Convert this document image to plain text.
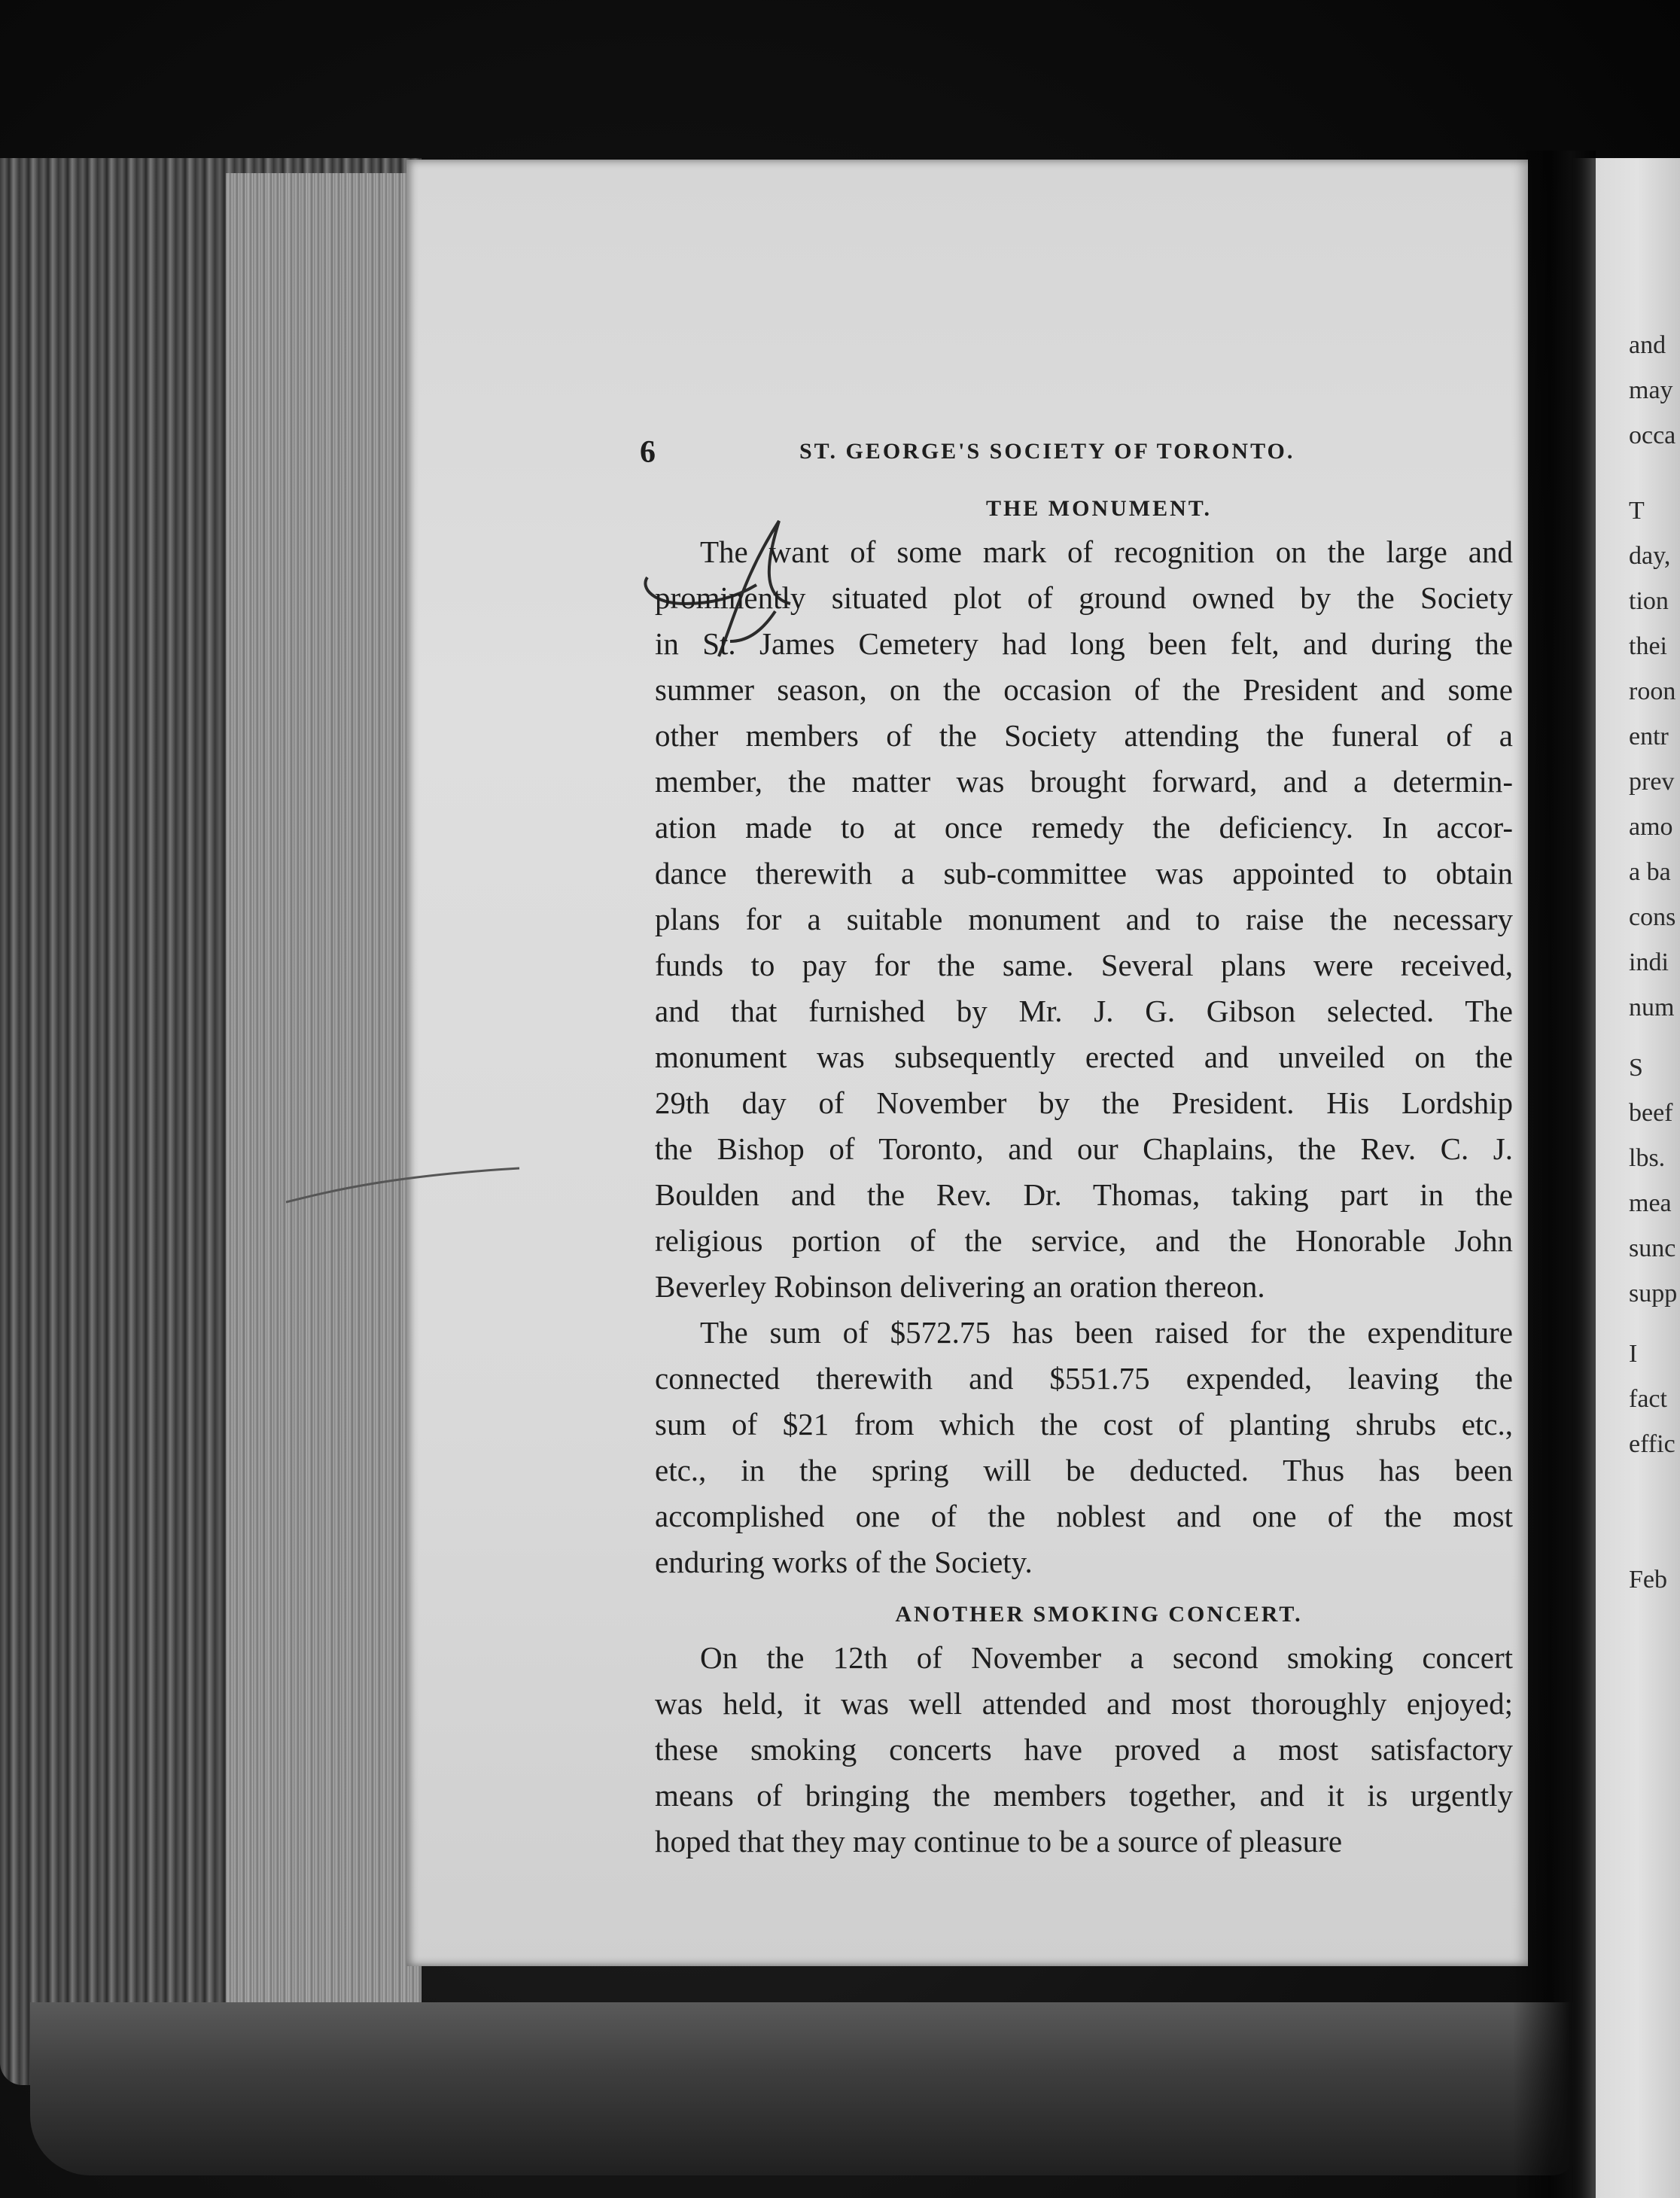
and
may
occa
T
day,
tion
thei
roon
entr
prev
amo
a ba
cons
indi
num
S
beef
lbs.
mea
sunc
supp
I
fact
effic
Feb
6	ST. GEORGE'S SOCIETY OF TORONTO.
THE MONUMENT.
The want of some mark of recognition on the large and
prominently situated plot of ground owned by the Society
in St. James Cemetery had long been felt, and during the
summer season, on the occasion of the President and some
other members of the Society attending the funeral of a
member, the matter was brought forward, and a determin-
ation made to at once remedy the deficiency. In accor-
dance therewith a sub-committee was appointed to obtain
plans for a suitable monument and to raise the necessary
funds to pay for the same. Several plans were received,
and that furnished by Mr. J. G. Gibson selected. The
monument was subsequently erected and unveiled on the
29th day of November by the President. His Lordship
the Bishop of Toronto, and our Chaplains, the Rev. C. J.
Boulden and the Rev. Dr. Thomas, taking part in the
religious portion of the service, and the Honorable John
Beverley Robinson delivering an oration thereon.
The sum of $572.75 has been raised for the expenditure
connected therewith and $551.75 expended, leaving the
sum of $21 from which the cost of planting shrubs etc.,
etc., in the spring will be deducted. Thus has been
accomplished one of the noblest and one of the most
enduring works of the Society.
ANOTHER SMOKING CONCERT.
On the 12th of November a second smoking concert
was held, it was well attended and most thoroughly enjoyed;
these smoking concerts have proved a most satisfactory
means of bringing the members together, and it is urgently
hoped that they may continue to be a source of pleasure
